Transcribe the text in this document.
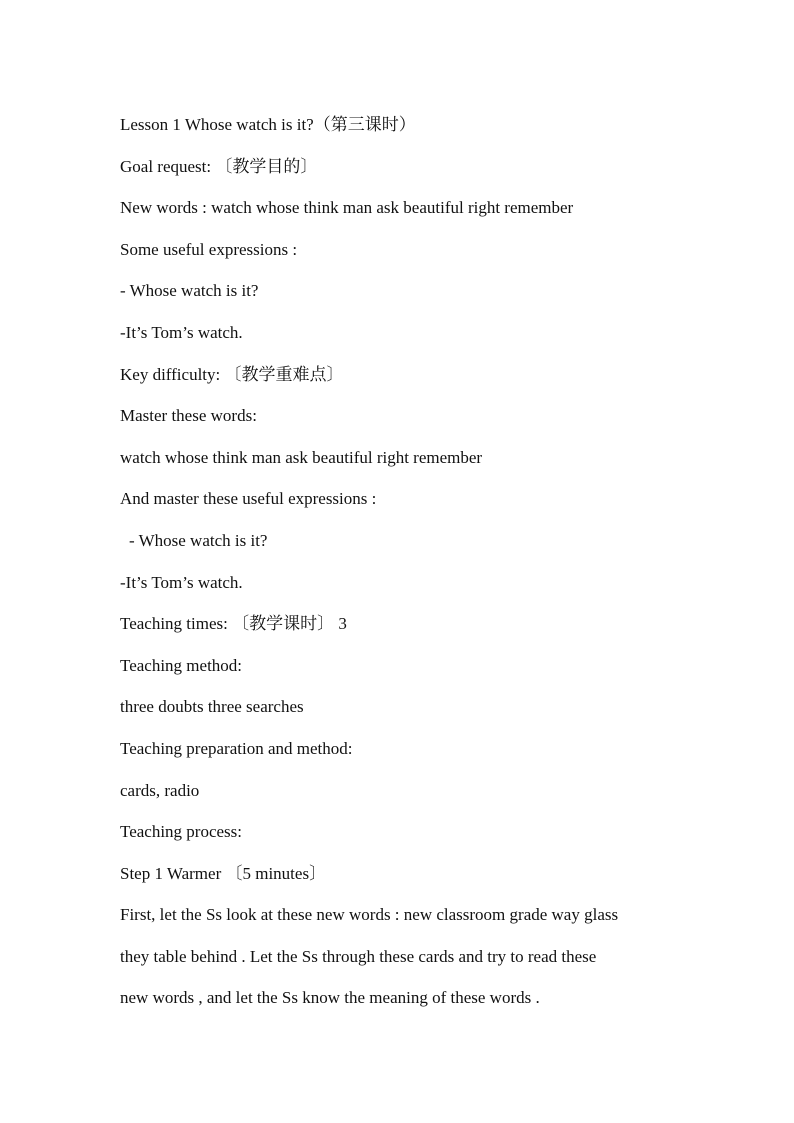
Lesson 1 Whose watch is it?（第三课时）
Goal request: 〔教学目的〕
New words : watch whose think man ask beautiful right remember
Some useful expressions :
- Whose watch is it?
-It’s Tom’s watch.
Key difficulty: 〔教学重难点〕
Master these words:
watch whose think man ask beautiful right remember
And master these useful expressions :
- Whose watch is it?
-It’s Tom’s watch.
Teaching times: 〔教学课时〕 3
Teaching method:
three doubts three searches
Teaching preparation and method:
cards, radio
Teaching process:
Step 1 Warmer 〔5 minutes〕
First, let the Ss look at these new words : new classroom grade way glass
they table behind . Let the Ss through these cards and try to read these
new words , and let the Ss know the meaning of these words .
